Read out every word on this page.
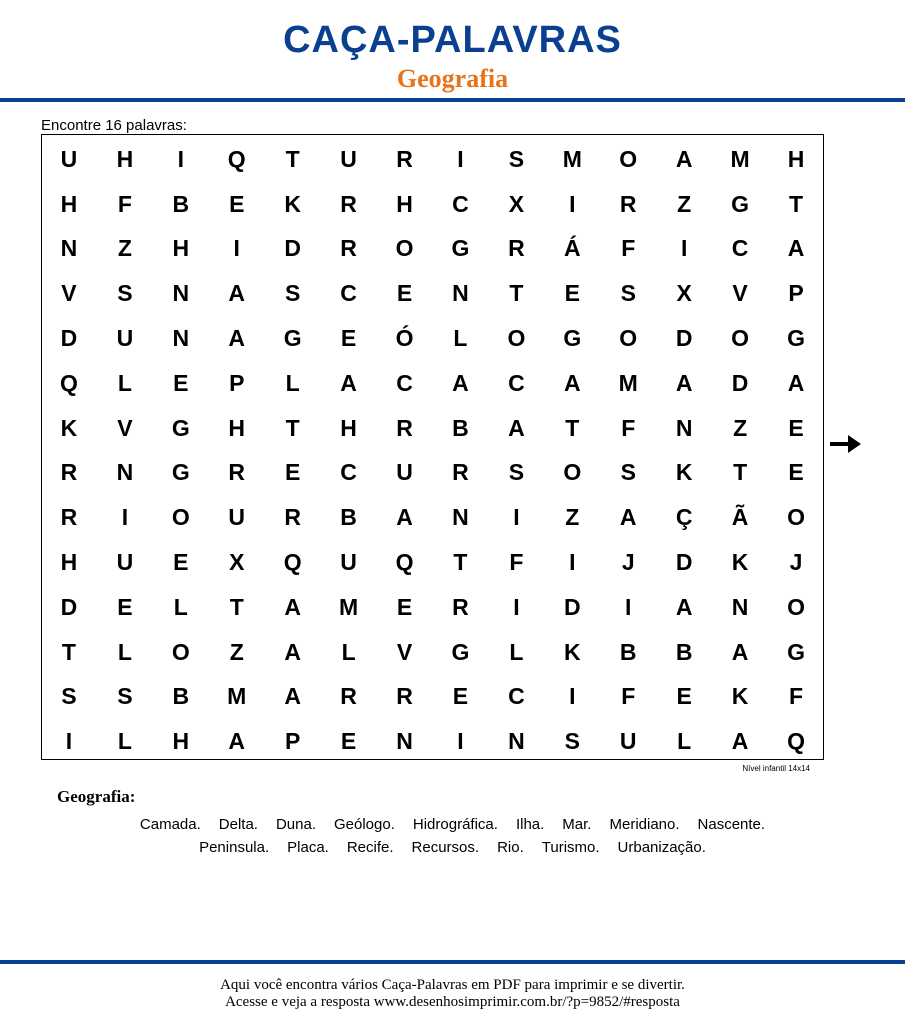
CAÇA-PALAVRAS
Geografia
Encontre 16 palavras:
U	H	I	Q	T	U	R	I	S	M	O	A	M	H
H	F	B	E	K	R	H	C	X	I	R	Z	G	T
N	Z	H	I	D	R	O	G	R	Á	F	I	C	A
V	S	N	A	S	C	E	N	T	E	S	X	V	P
D	U	N	A	G	E	Ó	L	O	G	O	D	O	G
Q	L	E	P	L	A	C	A	C	A	M	A	D	A
K	V	G	H	T	H	R	B	A	T	F	N	Z	E
R	N	G	R	E	C	U	R	S	O	S	K	T	E
R	I	O	U	R	B	A	N	I	Z	A	Ç	Ã	O
H	U	E	X	Q	U	Q	T	F	I	J	D	K	J
D	E	L	T	A	M	E	R	I	D	I	A	N	O
T	L	O	Z	A	L	V	G	L	K	B	B	A	G
S	S	B	M	A	R	R	E	C	I	F	E	K	F
I	L	H	A	P	E	N	I	N	S	U	L	A	Q
Nível infantil 14x14
Geografia:
Camada. Delta. Duna. Geólogo. Hidrográfica. Ilha. Mar. Meridiano. Nascente.
Peninsula. Placa. Recife. Recursos. Rio. Turismo. Urbanização.
Aqui você encontra vários Caça-Palavras em PDF para imprimir e se divertir.
Acesse e veja a resposta www.desenhosimprimir.com.br/?p=9852/#resposta
